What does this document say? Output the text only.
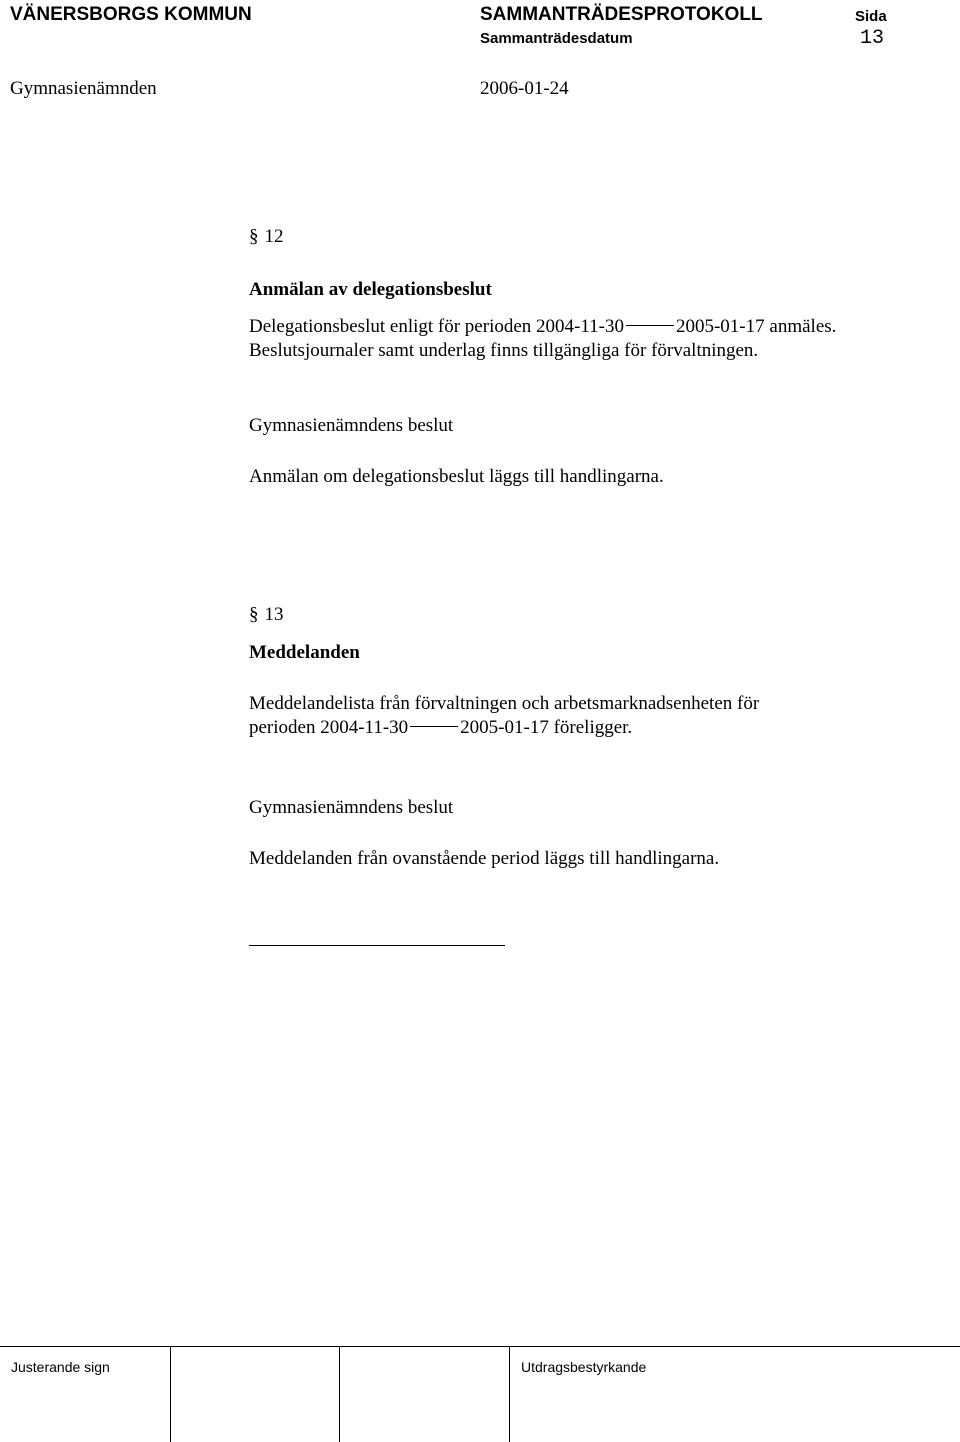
VÄNERSBORGS KOMMUN	SAMMANTRÄDESPROTOKOLL	Sida
Sammanträdesdatum	13
Gymnasienämnden	2006-01-24
§ 12
Anmälan av delegationsbeslut
Delegationsbeslut enligt för perioden 2004-11-30	2005-01-17 anmäles.
Beslutsjournaler samt underlag finns tillgängliga för förvaltningen.
Gymnasienämndens beslut
Anmälan om delegationsbeslut läggs till handlingarna.
§ 13
Meddelanden
Meddelandelista från förvaltningen och arbetsmarknadsenheten för
perioden 2004-11-30	2005-01-17 föreligger.
Gymnasienämndens beslut
Meddelanden från ovanstående period läggs till handlingarna.
Justerande sign	Utdragsbestyrkande
